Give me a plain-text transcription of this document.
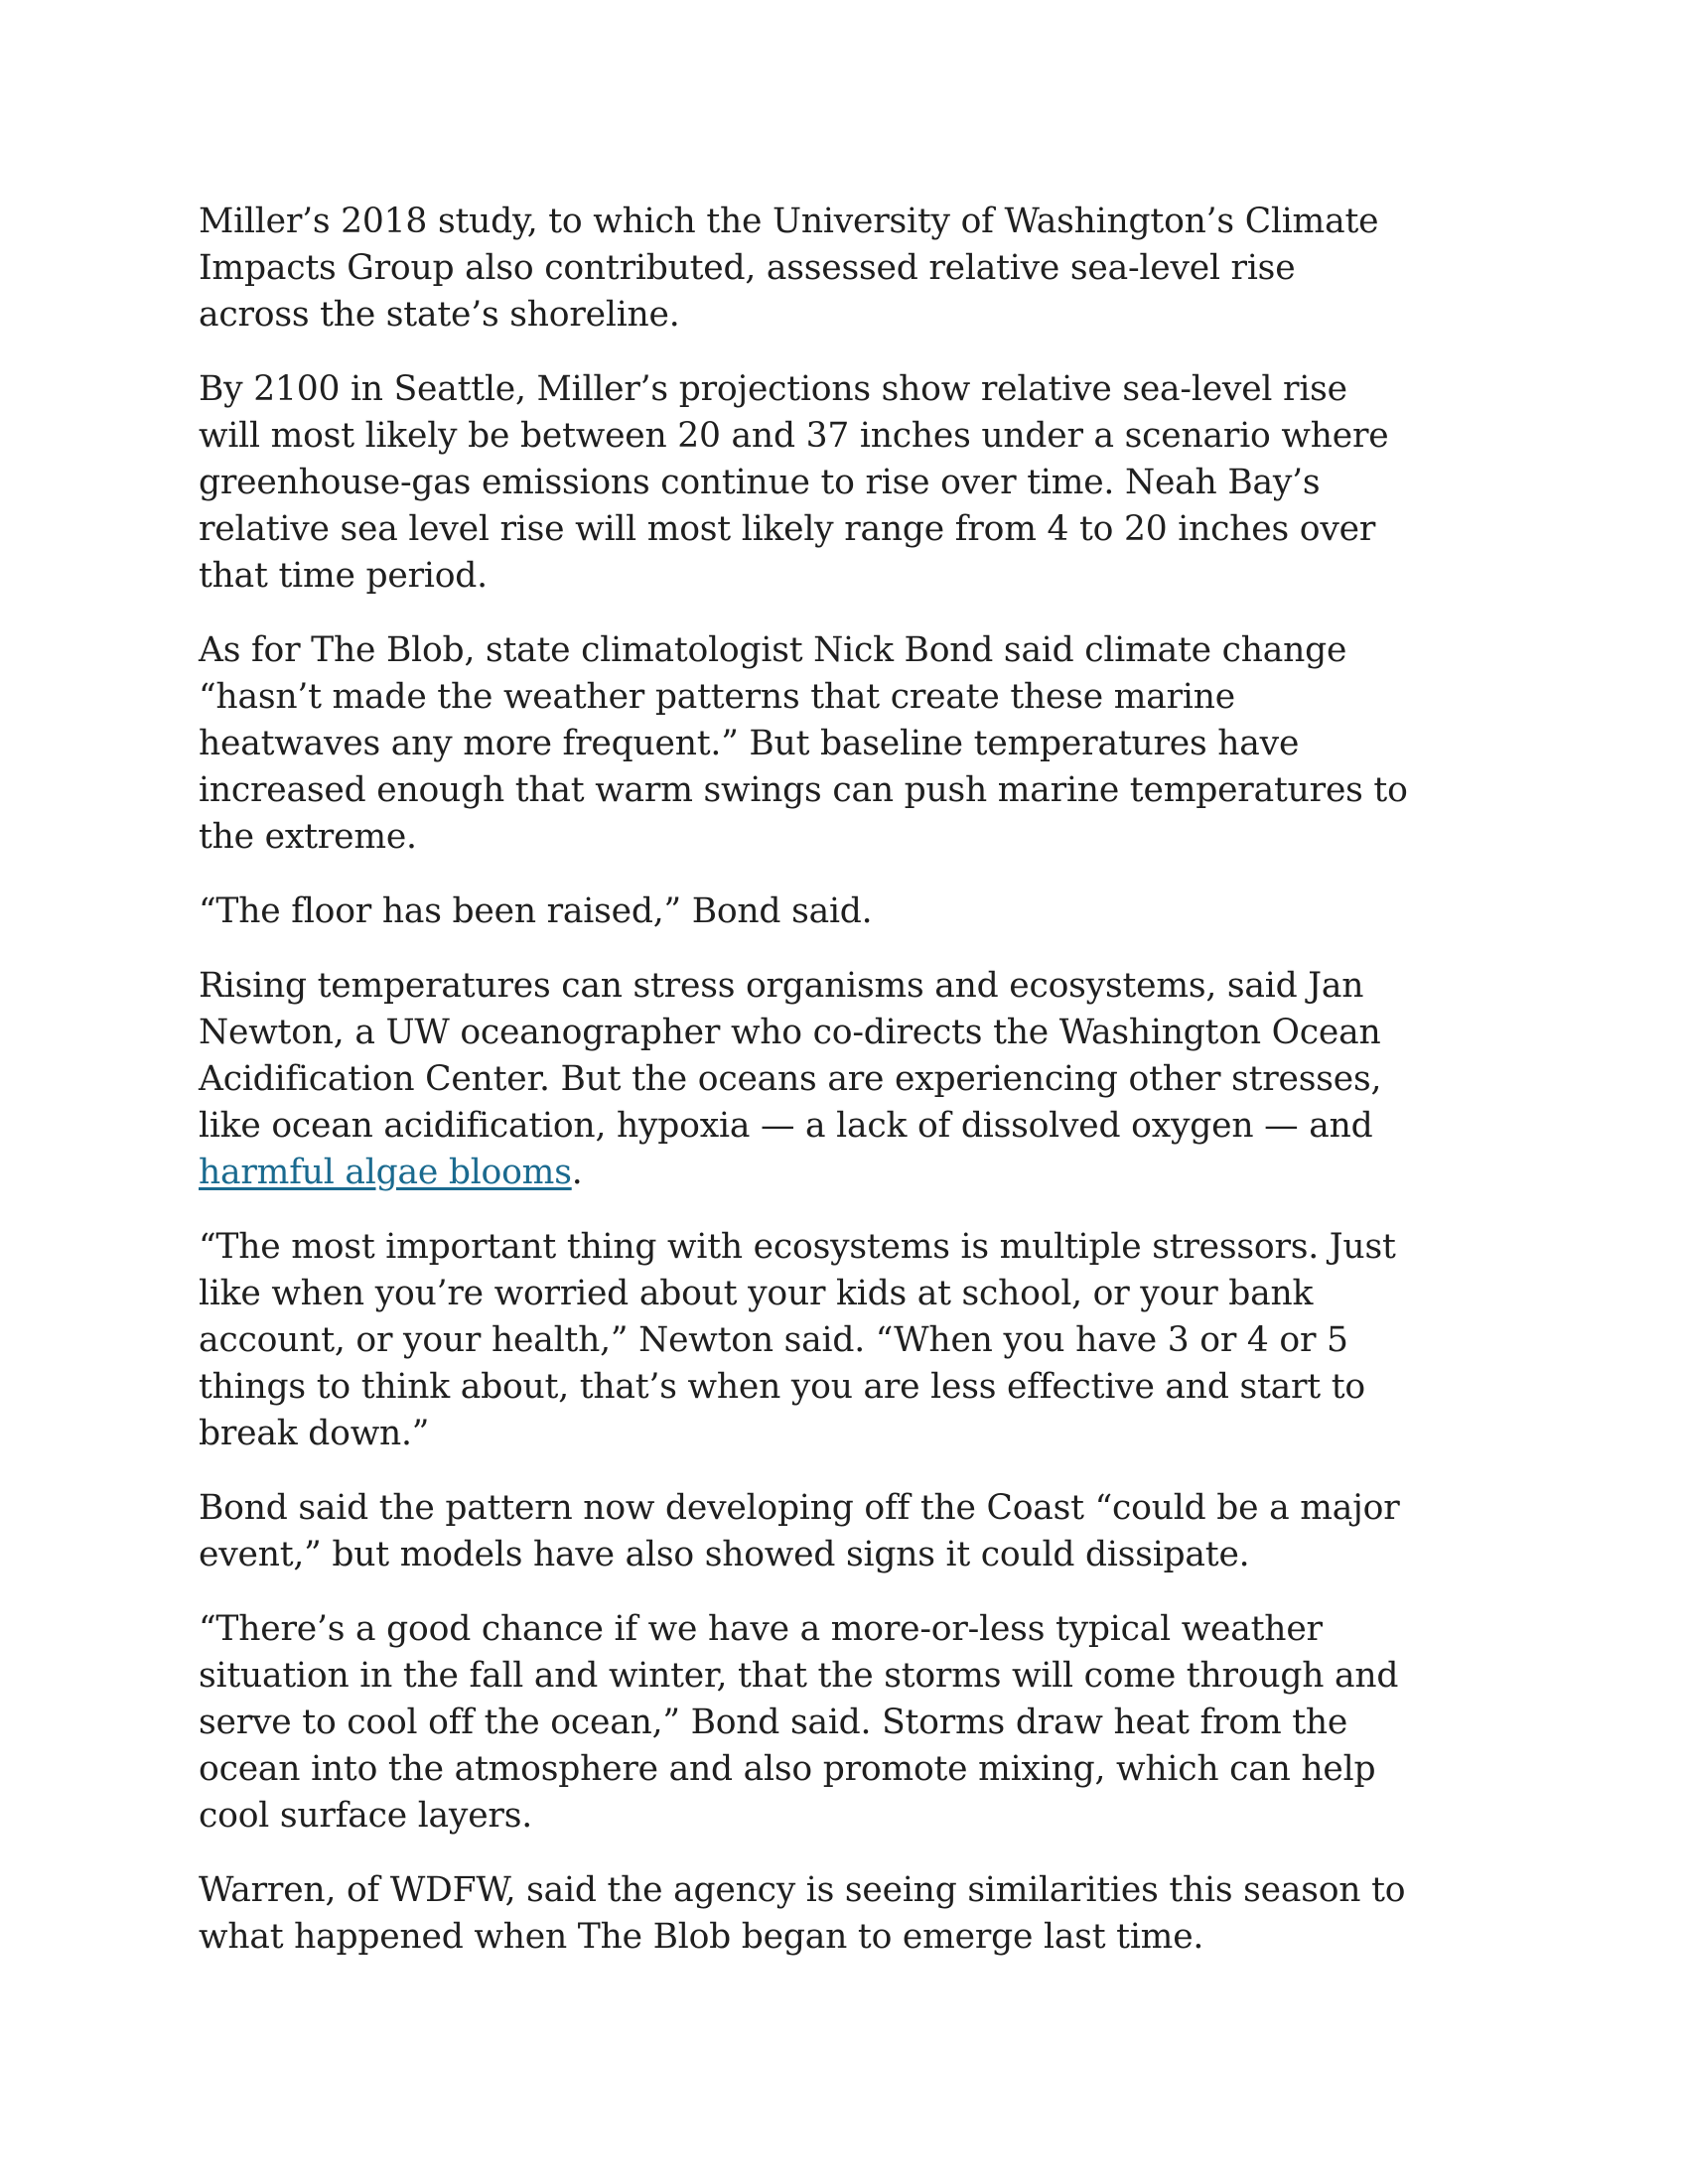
Miller’s 2018 study, to which the University of Washington’s Climate Impacts Group also contributed, assessed relative sea-level rise across the state’s shoreline.

By 2100 in Seattle, Miller’s projections show relative sea-level rise will most likely be between 20 and 37 inches under a scenario where greenhouse-gas emissions continue to rise over time. Neah Bay’s relative sea level rise will most likely range from 4 to 20 inches over that time period.

As for The Blob, state climatologist Nick Bond said climate change “hasn’t made the weather patterns that create these marine heatwaves any more frequent.” But baseline temperatures have increased enough that warm swings can push marine temperatures to the extreme.

“The floor has been raised,” Bond said.

Rising temperatures can stress organisms and ecosystems, said Jan Newton, a UW oceanographer who co-directs the Washington Ocean Acidification Center. But the oceans are experiencing other stresses, like ocean acidification, hypoxia — a lack of dissolved oxygen — and harmful algae blooms.

“The most important thing with ecosystems is multiple stressors. Just like when you’re worried about your kids at school, or your bank account, or your health,” Newton said. “When you have 3 or 4 or 5 things to think about, that’s when you are less effective and start to break down.”

Bond said the pattern now developing off the Coast “could be a major event,” but models have also showed signs it could dissipate.

“There’s a good chance if we have a more-or-less typical weather situation in the fall and winter, that the storms will come through and serve to cool off the ocean,” Bond said. Storms draw heat from the ocean into the atmosphere and also promote mixing, which can help cool surface layers.

Warren, of WDFW, said the agency is seeing similarities this season to what happened when The Blob began to emerge last time.
